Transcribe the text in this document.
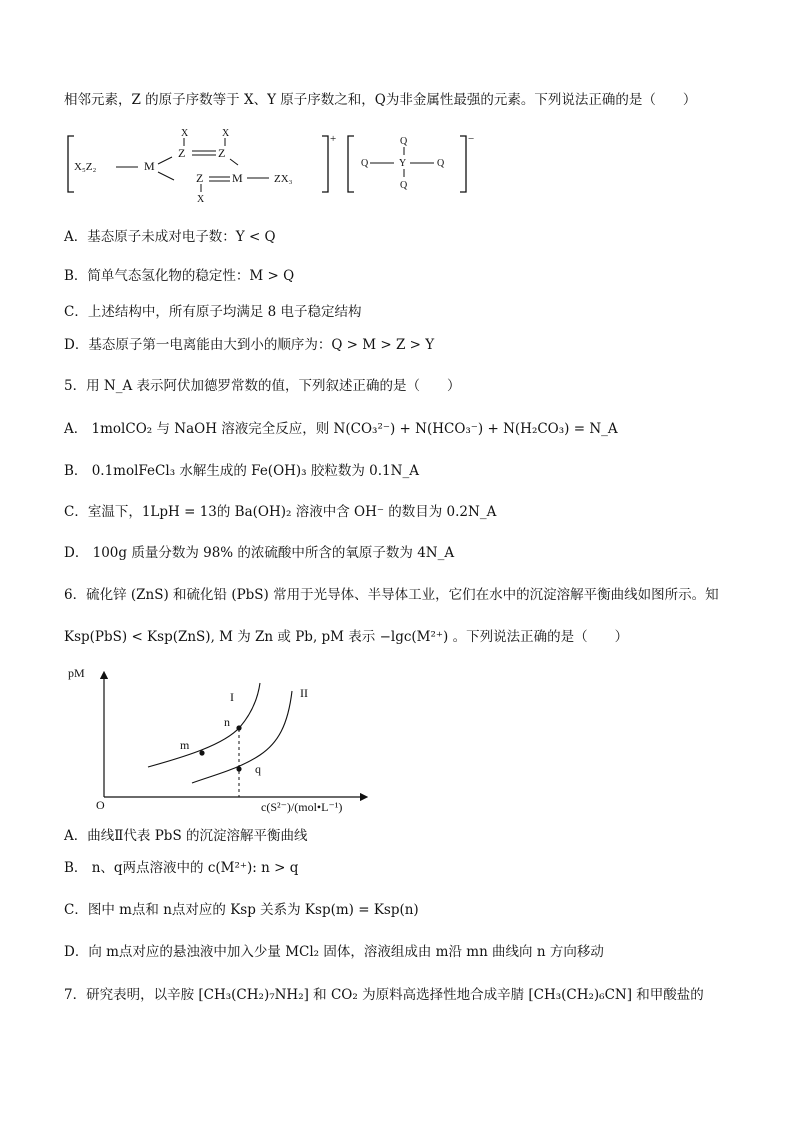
相邻元素，Z 的原子序数等于 X、Y 原子序数之和，Q为非金属性最强的元素。下列说法正确的是（　　）
X₅Z₂	M
X	X
Z	Z
Z
X
M	ZX₃
+	Q
Q	Y	Q
Q
−
A．基态原子未成对电子数：Y < Q
B．简单气态氢化物的稳定性：M > Q
C．上述结构中，所有原子均满足 8 电子稳定结构
D．基态原子第一电离能由大到小的顺序为：Q > M > Z > Y
5．用 N_A 表示阿伏加德罗常数的值，下列叙述正确的是（　　）
A． 1molCO₂ 与 NaOH 溶液完全反应，则 N(CO₃²⁻) + N(HCO₃⁻) + N(H₂CO₃) = N_A
B． 0.1molFeCl₃ 水解生成的 Fe(OH)₃ 胶粒数为 0.1N_A
C．室温下，1LpH = 13的 Ba(OH)₂ 溶液中含 OH⁻ 的数目为 0.2N_A
D． 100g 质量分数为 98% 的浓硫酸中所含的氧原子数为 4N_A
6．硫化锌 (ZnS) 和硫化铅 (PbS) 常用于光导体、半导体工业，它们在水中的沉淀溶解平衡曲线如图所示。知
Ksp(PbS) < Ksp(ZnS), M 为 Zn 或 Pb, pM 表示 −lgc(M²⁺) 。下列说法正确的是（　　）
pM
O	c(S²⁻)/(mol•L⁻¹)
I	II
m
n
q
A．曲线Ⅱ代表 PbS 的沉淀溶解平衡曲线
B． n、q两点溶液中的 c(M²⁺): n > q
C．图中 m点和 n点对应的 Ksp 关系为 Ksp(m) = Ksp(n)
D．向 m点对应的悬浊液中加入少量 MCl₂ 固体，溶液组成由 m沿 mn 曲线向 n 方向移动
7．研究表明，以辛胺 [CH₃(CH₂)₇NH₂] 和 CO₂ 为原料高选择性地合成辛腈 [CH₃(CH₂)₆CN] 和甲酸盐的
